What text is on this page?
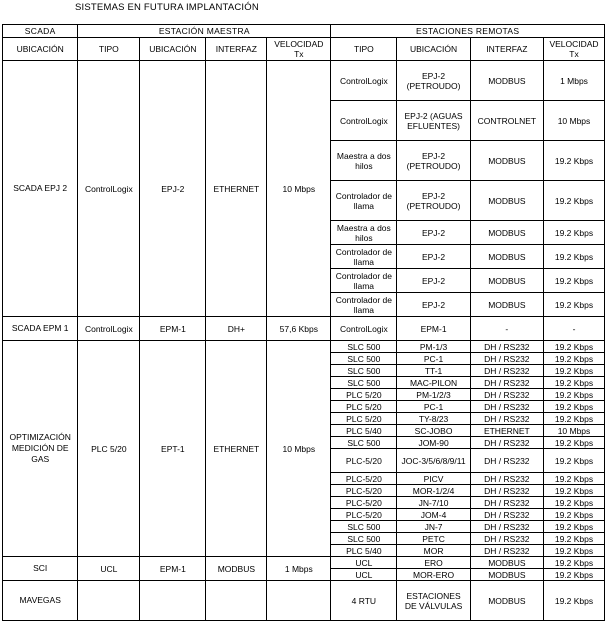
SISTEMAS EN FUTURA IMPLANTACIÓN
SCADA	ESTACIÓN MAESTRA				ESTACIONES REMOTAS			
UBICACIÓN	TIPO	UBICACIÓN	INTERFAZ	VELOCIDAD Tx	TIPO	UBICACIÓN	INTERFAZ	VELOCIDAD Tx
SCADA EPJ 2	ControlLogix	EPJ-2	ETHERNET	10 Mbps	ControlLogix	EPJ-2 (PETROUDO)	MODBUS	1 Mbps
					ControlLogix	EPJ-2 (AGUAS EFLUENTES)	CONTROLNET	10 Mbps
					Maestra a dos hilos	EPJ-2 (PETROUDO)	MODBUS	19.2 Kbps
					Controlador de llama	EPJ-2 (PETROUDO)	MODBUS	19.2 Kbps
					Maestra a dos hilos	EPJ-2	MODBUS	19.2 Kbps
					Controlador de llama	EPJ-2	MODBUS	19.2 Kbps
					Controlador de llama	EPJ-2	MODBUS	19.2 Kbps
					Controlador de llama	EPJ-2	MODBUS	19.2 Kbps
SCADA EPM 1	ControlLogix	EPM-1	DH+	57,6 Kbps	ControlLogix	EPM-1	-	-
OPTIMIZACIÓN MEDICIÓN DE GAS	PLC 5/20	EPT-1	ETHERNET	10 Mbps	SLC 500	PM-1/3	DH / RS232	19.2 Kbps
					SLC 500	PC-1	DH / RS232	19.2 Kbps
					SLC 500	TT-1	DH / RS232	19.2 Kbps
					SLC 500	MAC-PILON	DH / RS232	19.2 Kbps
					PLC 5/20	PM-1/2/3	DH / RS232	19.2 Kbps
					PLC 5/20	PC-1	DH / RS232	19.2 Kbps
					PLC 5/20	TY-8/23	DH / RS232	19.2 Kbps
					PLC 5/40	SC-JOBO	ETHERNET	10 Mbps
					SLC 500	JOM-90	DH / RS232	19.2 Kbps
					PLC-5/20	JOC-3/5/6/8/9/11	DH / RS232	19.2 Kbps
					PLC-5/20	PICV	DH / RS232	19.2 Kbps
					PLC-5/20	MOR-1/2/4	DH / RS232	19.2 Kbps
					PLC-5/20	JN-7/10	DH / RS232	19.2 Kbps
					PLC-5/20	JOM-4	DH / RS232	19.2 Kbps
					SLC 500	JN-7	DH / RS232	19.2 Kbps
					SLC 500	PETC	DH / RS232	19.2 Kbps
					PLC 5/40	MOR	DH / RS232	19.2 Kbps
SCI	UCL	EPM-1	MODBUS	1 Mbps	UCL	ERO	MODBUS	19.2 Kbps
					UCL	MOR-ERO	MODBUS	19.2 Kbps
MAVEGAS					4 RTU	ESTACIONES DE VÁLVULAS	MODBUS	19.2 Kbps
